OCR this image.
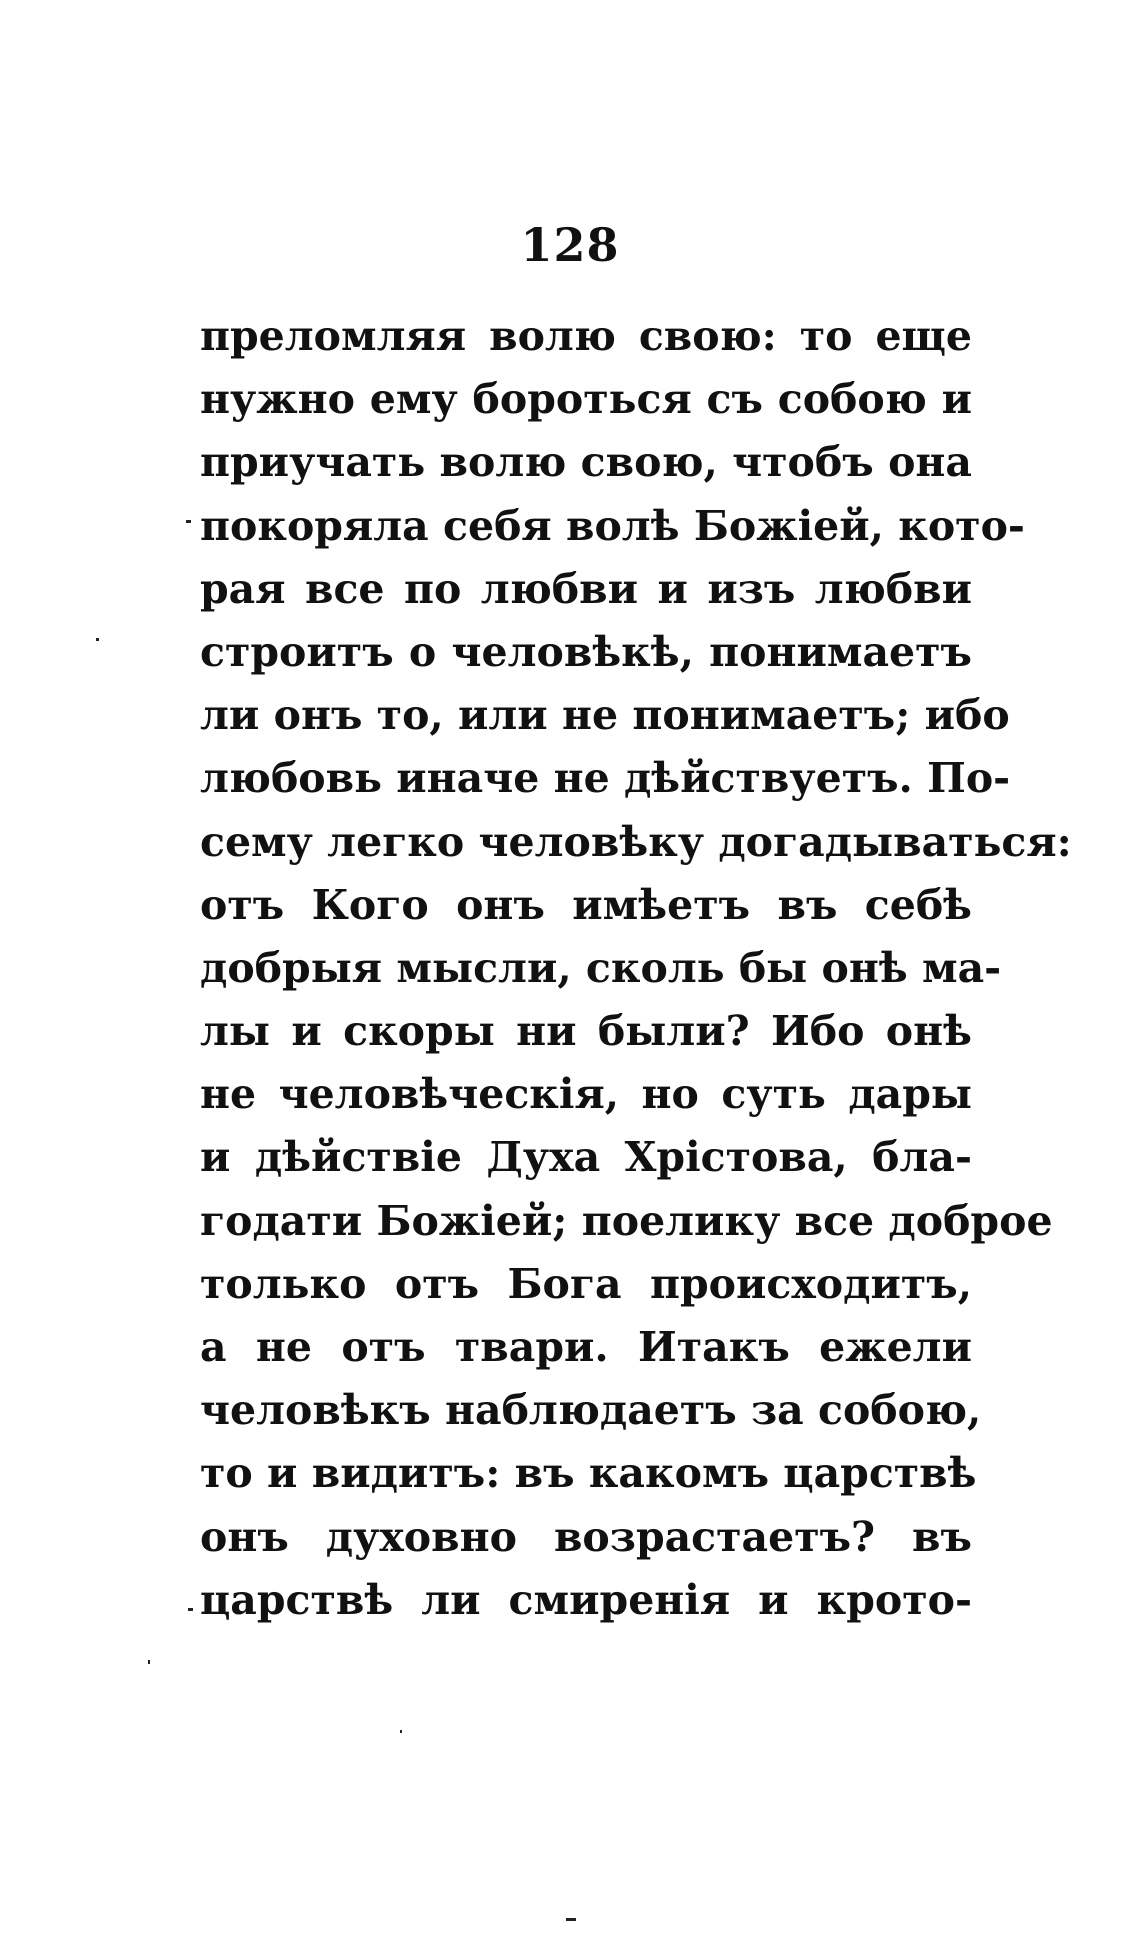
128
преломляя волю свою: то еще
нужно ему бороться съ собою и
приучать волю свою, чтобъ она
покоряла себя волѣ Божіей, кото-
рая все по любви и изъ любви
строитъ о человѣкѣ, понимаетъ
ли онъ то, или не понимаетъ; ибо
любовь иначе не дѣйствуетъ. По-
сему легко человѣку догадываться:
отъ Кого онъ имѣетъ въ себѣ
добрыя мысли, сколь бы онѣ ма-
лы и скоры ни были? Ибо онѣ
не человѣческія, но суть дары
и дѣйствіе Духа Хрістова, бла-
годати Божіей; поелику все доброе
только отъ Бога происходитъ,
а не отъ твари. Итакъ ежели
человѣкъ наблюдаетъ за собою,
то и видитъ: въ какомъ царствѣ
онъ духовно возрастаетъ? въ
царствѣ ли смиренія и крото-
